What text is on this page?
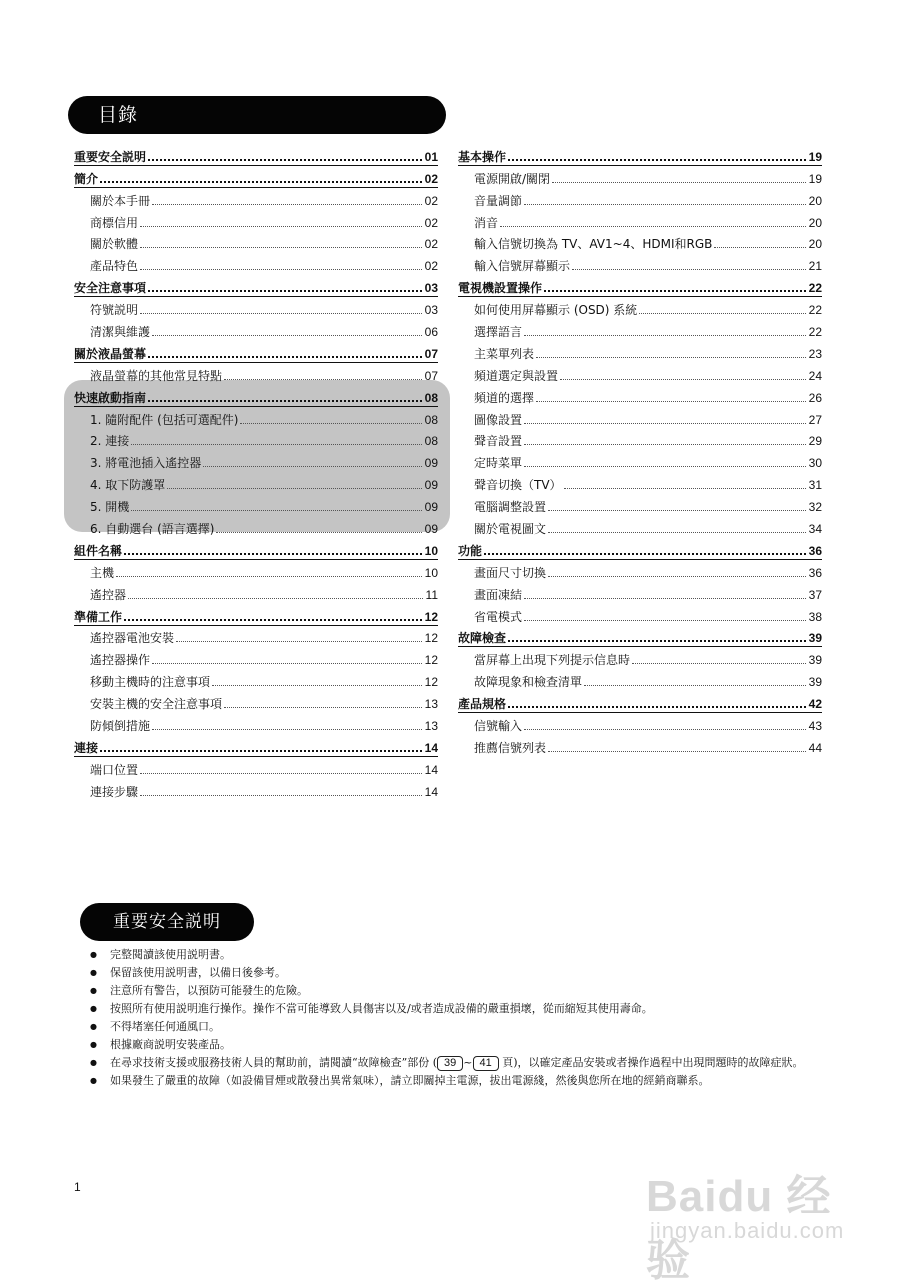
目錄
重要安全説明	01
簡介	02
關於本手冊	02
商標信用	02
關於軟體	02
產品特色	02
安全注意事項	03
符號説明	03
清潔與維護	06
關於液晶螢幕	07
液晶螢幕的其他常見特點	07
快速啟動指南	08
1. 隨附配件 (包括可選配件)	08
2. 連接	08
3. 將電池插入遙控器	09
4. 取下防護罩	09
5. 開機	09
6. 自動選台 (語言選擇)	09
組件名稱	10
主機	10
遙控器	11
準備工作	12
遙控器電池安裝	12
遙控器操作	12
移動主機時的注意事項	12
安裝主機的安全注意事項	13
防傾倒措施	13
連接	14
端口位置	14
連接步驟	14
基本操作	19
電源開啟/關閉	19
音量調節	20
消音	20
輸入信號切換為 TV、AV1~4、HDMI和RGB	20
輸入信號屏幕顯示	21
電視機設置操作	22
如何使用屏幕顯示 (OSD) 系統	22
選擇語言	22
主菜單列表	23
頻道選定與設置	24
頻道的選擇	26
圖像設置	27
聲音設置	29
定時菜單	30
聲音切換（TV）	31
電腦調整設置	32
關於電視圖文	34
功能	36
畫面尺寸切換	36
畫面凍結	37
省電模式	38
故障檢查	39
當屏幕上出現下列提示信息時	39
故障現象和檢查清單	39
產品規格	42
信號輸入	43
推薦信號列表	44
重要安全説明
● 完整閱讀該使用説明書。
● 保留該使用説明書，以備日後參考。
● 注意所有警告，以預防可能發生的危險。
● 按照所有使用説明進行操作。操作不當可能導致人員傷害以及/或者造成設備的嚴重損壞，從而縮短其使用壽命。
● 不得堵塞任何通風口。
● 根據廠商説明安裝產品。
● 在尋求技術支援或服務技術人員的幫助前，請閱讀“故障檢查”部份 ( 39 ~ 41 頁)，以確定產品安裝或者操作過程中出現問題時的故障症狀。
● 如果發生了嚴重的故障（如設備冒煙或散發出異常氣味），請立即關掉主電源，拔出電源綫，然後與您所在地的經銷商聯系。
1	Baidu 经验
jingyan.baidu.com
